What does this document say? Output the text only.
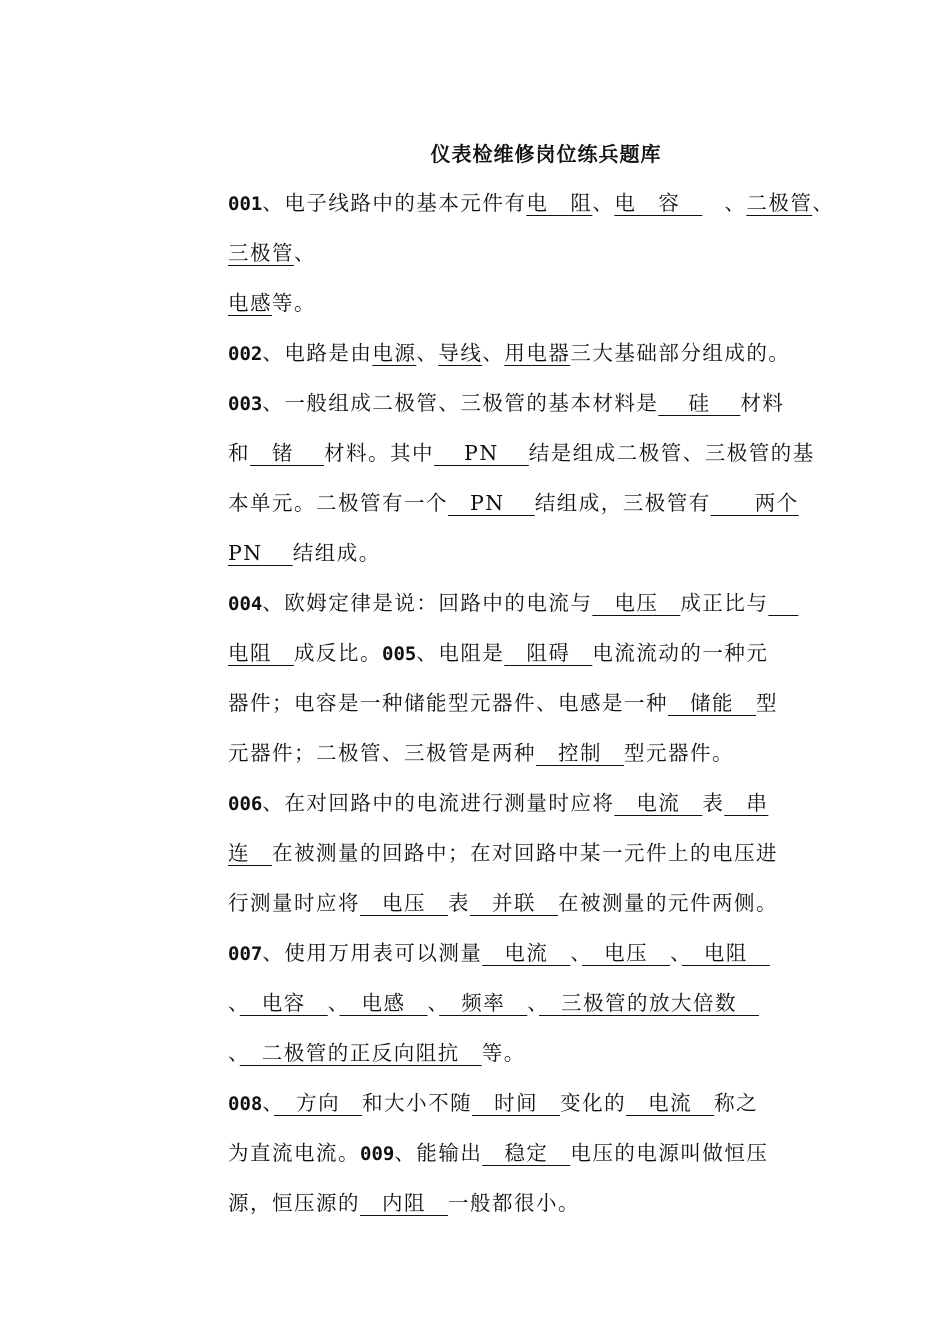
仪表检维修岗位练兵题库
001、电子线路中的基本元件有电　阻、电　容　　、二极管、
三极管、
电感等。
002、电路是由电源、导线、用电器三大基础部分组成的。
003、一般组成二极管、三极管的基本材料是　 硅 　材料
和　锗　 材料。其中 　PN　 结是组成二极管、三极管的基
本单元。二极管有一个　PN　 结组成，三极管有　　两个
PN　 结组成。
004、欧姆定律是说：回路中的电流与　电压　成正比与 　
电阻　成反比。005、电阻是　阻碍　电流流动的一种元
器件；电容是一种储能型元器件、电感是一种　储能　型
元器件；二极管、三极管是两种　控制　型元器件。
006、在对回路中的电流进行测量时应将　电流　表　串
连　在被测量的回路中；在对回路中某一元件上的电压进
行测量时应将　电压　表　并联　在被测量的元件两侧。
007、使用万用表可以测量　电流　、　电压　、　电阻　
、　电容　、　电感　、　频率　、　三极管的放大倍数　
、　二极管的正反向阻抗　等。
008、　方向　和大小不随　时间　变化的　电流　称之
为直流电流。009、能输出　稳定　电压的电源叫做恒压
源，恒压源的　内阻　一般都很小。
